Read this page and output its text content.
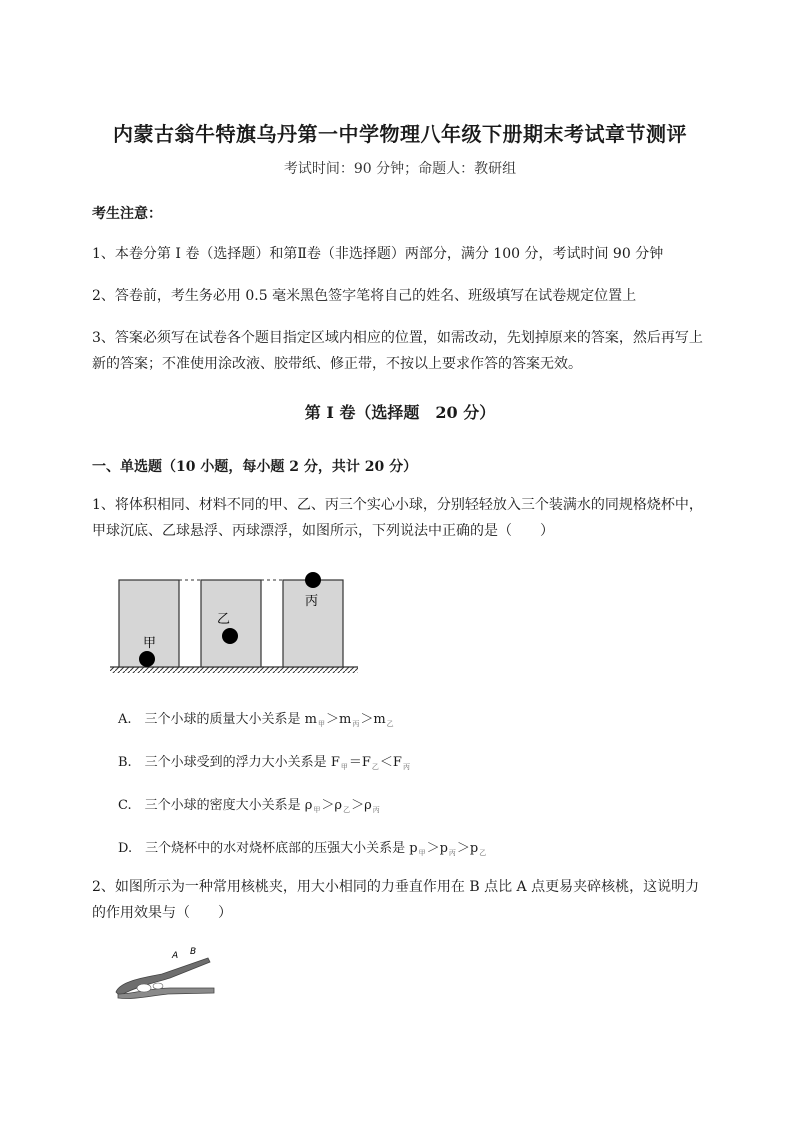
内蒙古翁牛特旗乌丹第一中学物理八年级下册期末考试章节测评
考试时间：90 分钟；命题人：教研组
考生注意：
1、本卷分第 I 卷（选择题）和第Ⅱ卷（非选择题）两部分，满分 100 分，考试时间 90 分钟
2、答卷前，考生务必用 0.5 毫米黑色签字笔将自己的姓名、班级填写在试卷规定位置上
3、答案必须写在试卷各个题目指定区域内相应的位置，如需改动，先划掉原来的答案，然后再写上新的答案；不准使用涂改液、胶带纸、修正带，不按以上要求作答的答案无效。
第 I 卷（选择题　20 分）
一、单选题（10 小题，每小题 2 分，共计 20 分）
1、将体积相同、材料不同的甲、乙、丙三个实心小球，分别轻轻放入三个装满水的同规格烧杯中，甲球沉底、乙球悬浮、丙球漂浮，如图所示，下列说法中正确的是（　　）
甲
乙
丙
A.　三个小球的质量大小关系是 $m_甲>m_丙>m_乙$
B.　三个小球受到的浮力大小关系是 $F_甲=F_乙<F_丙$
C.　三个小球的密度大小关系是 $\rho_甲>\rho_乙>\rho_丙$
D.　三个烧杯中的水对烧杯底部的压强大小关系是 $p_甲>p_丙>p_乙$
2、如图所示为一种常用核桃夹，用大小相同的力垂直作用在 B 点比 A 点更易夹碎核桃，这说明力的作用效果与（　　）
A B
